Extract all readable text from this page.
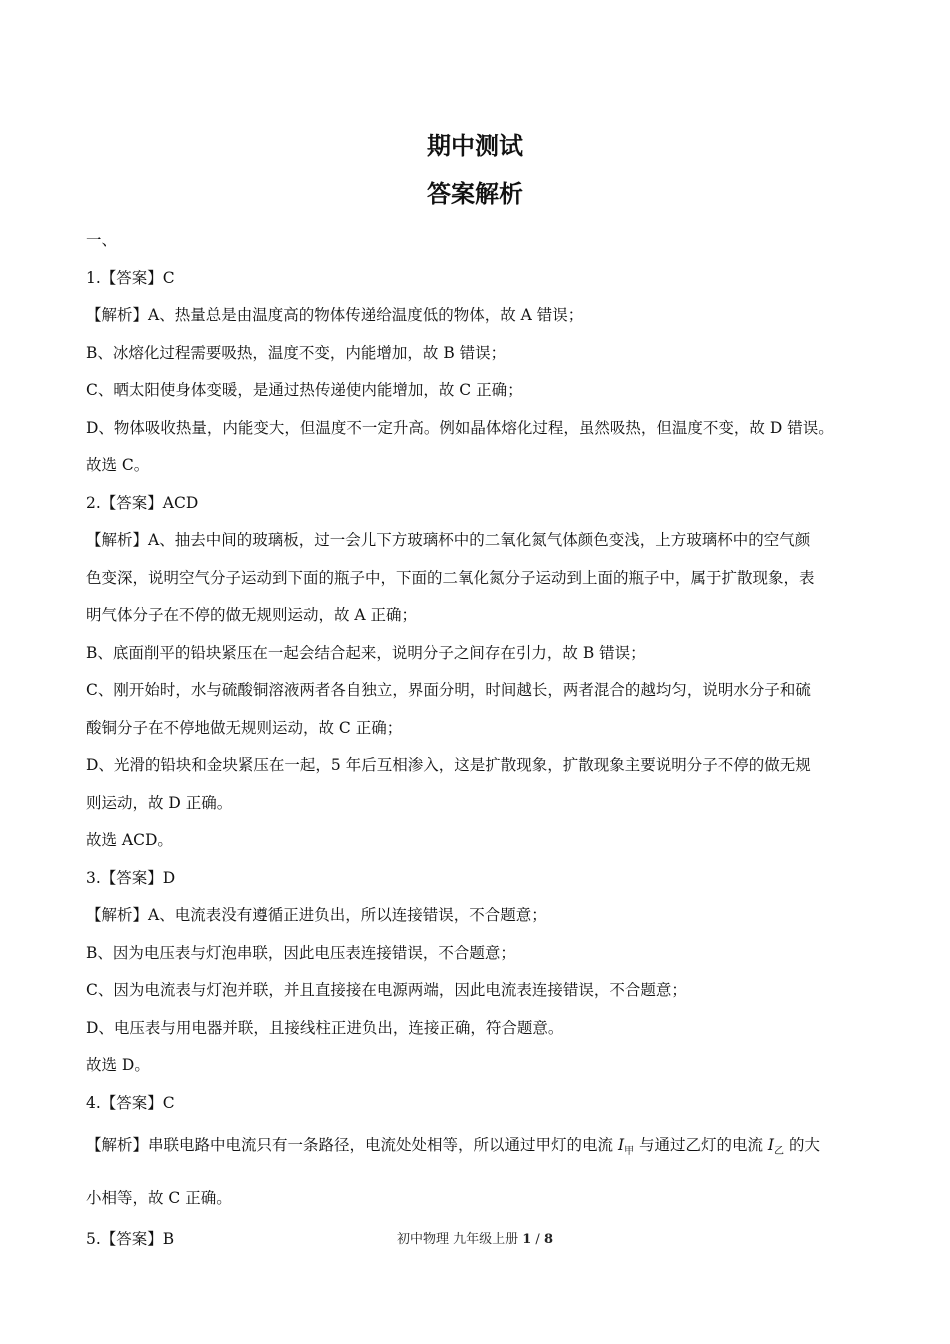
期中测试
答案解析
一、
1.【答案】C
【解析】A、热量总是由温度高的物体传递给温度低的物体，故 A 错误；
B、冰熔化过程需要吸热，温度不变，内能增加，故 B 错误；
C、晒太阳使身体变暖，是通过热传递使内能增加，故 C 正确；
D、物体吸收热量，内能变大，但温度不一定升高。例如晶体熔化过程，虽然吸热，但温度不变，故 D 错误。
故选 C。
2.【答案】ACD
【解析】A、抽去中间的玻璃板，过一会儿下方玻璃杯中的二氧化氮气体颜色变浅，上方玻璃杯中的空气颜
色变深，说明空气分子运动到下面的瓶子中，下面的二氧化氮分子运动到上面的瓶子中，属于扩散现象，表
明气体分子在不停的做无规则运动，故 A 正确；
B、底面削平的铅块紧压在一起会结合起来，说明分子之间存在引力，故 B 错误；
C、刚开始时，水与硫酸铜溶液两者各自独立，界面分明，时间越长，两者混合的越均匀，说明水分子和硫
酸铜分子在不停地做无规则运动，故 C 正确；
D、光滑的铅块和金块紧压在一起，5 年后互相渗入，这是扩散现象，扩散现象主要说明分子不停的做无规
则运动，故 D 正确。
故选 ACD。
3.【答案】D
【解析】A、电流表没有遵循正进负出，所以连接错误，不合题意；
B、因为电压表与灯泡串联，因此电压表连接错误，不合题意；
C、因为电流表与灯泡并联，并且直接接在电源两端，因此电流表连接错误，不合题意；
D、电压表与用电器并联，且接线柱正进负出，连接正确，符合题意。
故选 D。
4.【答案】C
【解析】串联电路中电流只有一条路径，电流处处相等，所以通过甲灯的电流 $I_甲$ 与通过乙灯的电流 $I_乙$ 的大
小相等，故 C 正确。
5.【答案】B	初中物理 九年级上册 1 / 8
